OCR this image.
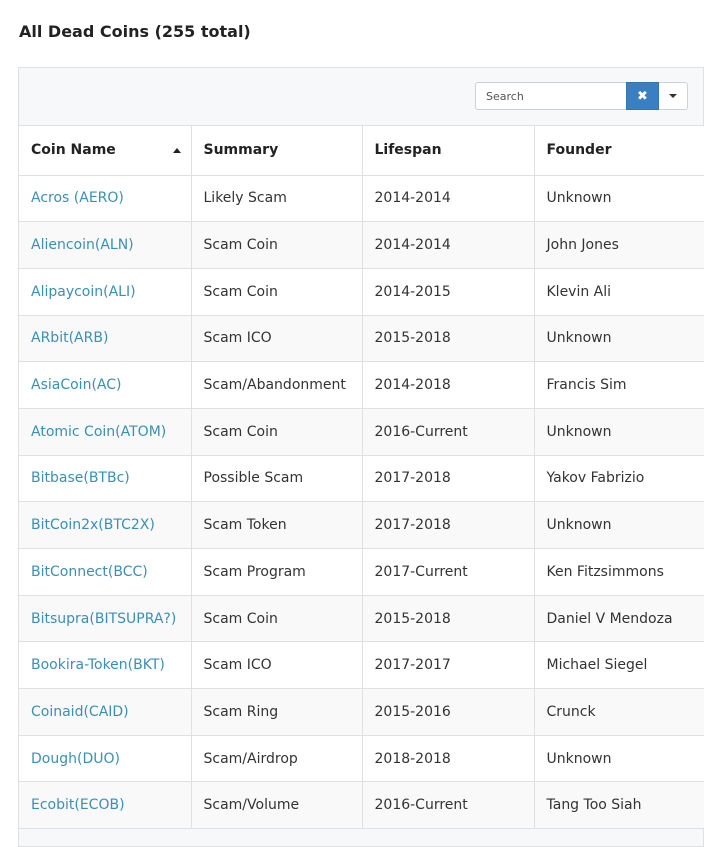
All Dead Coins (255 total)
Search
✖
Coin Name	Summary	Lifespan	Founder
Acros (AERO)	Likely Scam	2014-2014	Unknown
Aliencoin(ALN)	Scam Coin	2014-2014	John Jones
Alipaycoin(ALI)	Scam Coin	2014-2015	Klevin Ali
ARbit(ARB)	Scam ICO	2015-2018	Unknown
AsiaCoin(AC)	Scam/Abandonment	2014-2018	Francis Sim
Atomic Coin(ATOM)	Scam Coin	2016-Current	Unknown
Bitbase(BTBc)	Possible Scam	2017-2018	Yakov Fabrizio
BitCoin2x(BTC2X)	Scam Token	2017-2018	Unknown
BitConnect(BCC)	Scam Program	2017-Current	Ken Fitzsimmons
Bitsupra(BITSUPRA?)	Scam Coin	2015-2018	Daniel V Mendoza
Bookira-Token(BKT)	Scam ICO	2017-2017	Michael Siegel
Coinaid(CAID)	Scam Ring	2015-2016	Crunck
Dough(DUO)	Scam/Airdrop	2018-2018	Unknown
Ecobit(ECOB)	Scam/Volume	2016-Current	Tang Too Siah
